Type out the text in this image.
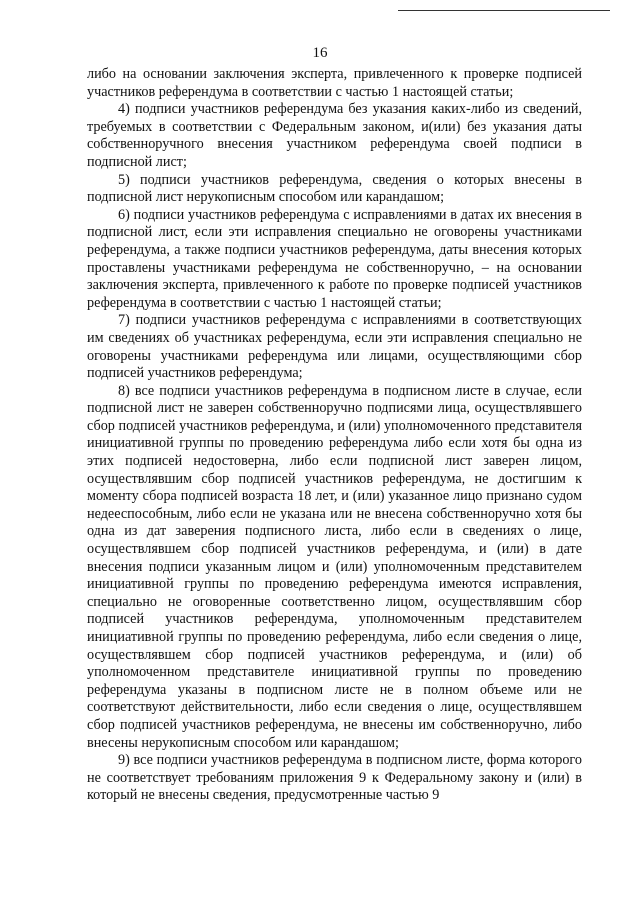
16

либо на основании заключения эксперта, привлеченного к проверке подписей участников референдума в соответствии с частью 1 настоящей статьи;

4) подписи участников референдума без указания каких-либо из сведений, требуемых в соответствии с Федеральным законом, и(или) без указания даты собственноручного внесения участником референдума своей подписи в подписной лист;

5) подписи участников референдума, сведения о которых внесены в подписной лист нерукописным способом или карандашом;

6) подписи участников референдума с исправлениями в датах их внесения в подписной лист, если эти исправления специально не оговорены участниками референдума, а также подписи участников референдума, даты внесения которых проставлены участниками референдума не собственноручно, – на основании заключения эксперта, привлеченного к работе по проверке подписей участников референдума в соответствии с частью 1 настоящей статьи;

7) подписи участников референдума с исправлениями в соответствующих им сведениях об участниках референдума, если эти исправления специально не оговорены участниками референдума или лицами, осуществляющими сбор подписей участников референдума;

8) все подписи участников референдума в подписном листе в случае, если подписной лист не заверен собственноручно подписями лица, осуществлявшего сбор подписей участников референдума, и (или) уполномоченного представителя инициативной группы по проведению референдума либо если хотя бы одна из этих подписей недостоверна, либо если подписной лист заверен лицом, осуществлявшим сбор подписей участников референдума, не достигшим к моменту сбора подписей возраста 18 лет, и (или) указанное лицо признано судом недееспособным, либо если не указана или не внесена собственноручно хотя бы одна из дат заверения подписного листа, либо если в сведениях о лице, осуществлявшем сбор подписей участников референдума, и (или) в дате внесения подписи указанным лицом и (или) уполномоченным представителем инициативной группы по проведению референдума имеются исправления, специально не оговоренные соответственно лицом, осуществлявшим сбор подписей участников референдума, уполномоченным представителем инициативной группы по проведению референдума, либо если сведения о лице, осуществлявшем сбор подписей участников референдума, и (или) об уполномоченном представителе инициативной группы по проведению референдума указаны в подписном листе не в полном объеме или не соответствуют действительности, либо если сведения о лице, осуществлявшем сбор подписей участников референдума, не внесены им собственноручно, либо внесены нерукописным способом или карандашом;

9) все подписи участников референдума в подписном листе, форма которого не соответствует требованиям приложения 9 к Федеральному закону и (или) в который не внесены сведения, предусмотренные частью 9
